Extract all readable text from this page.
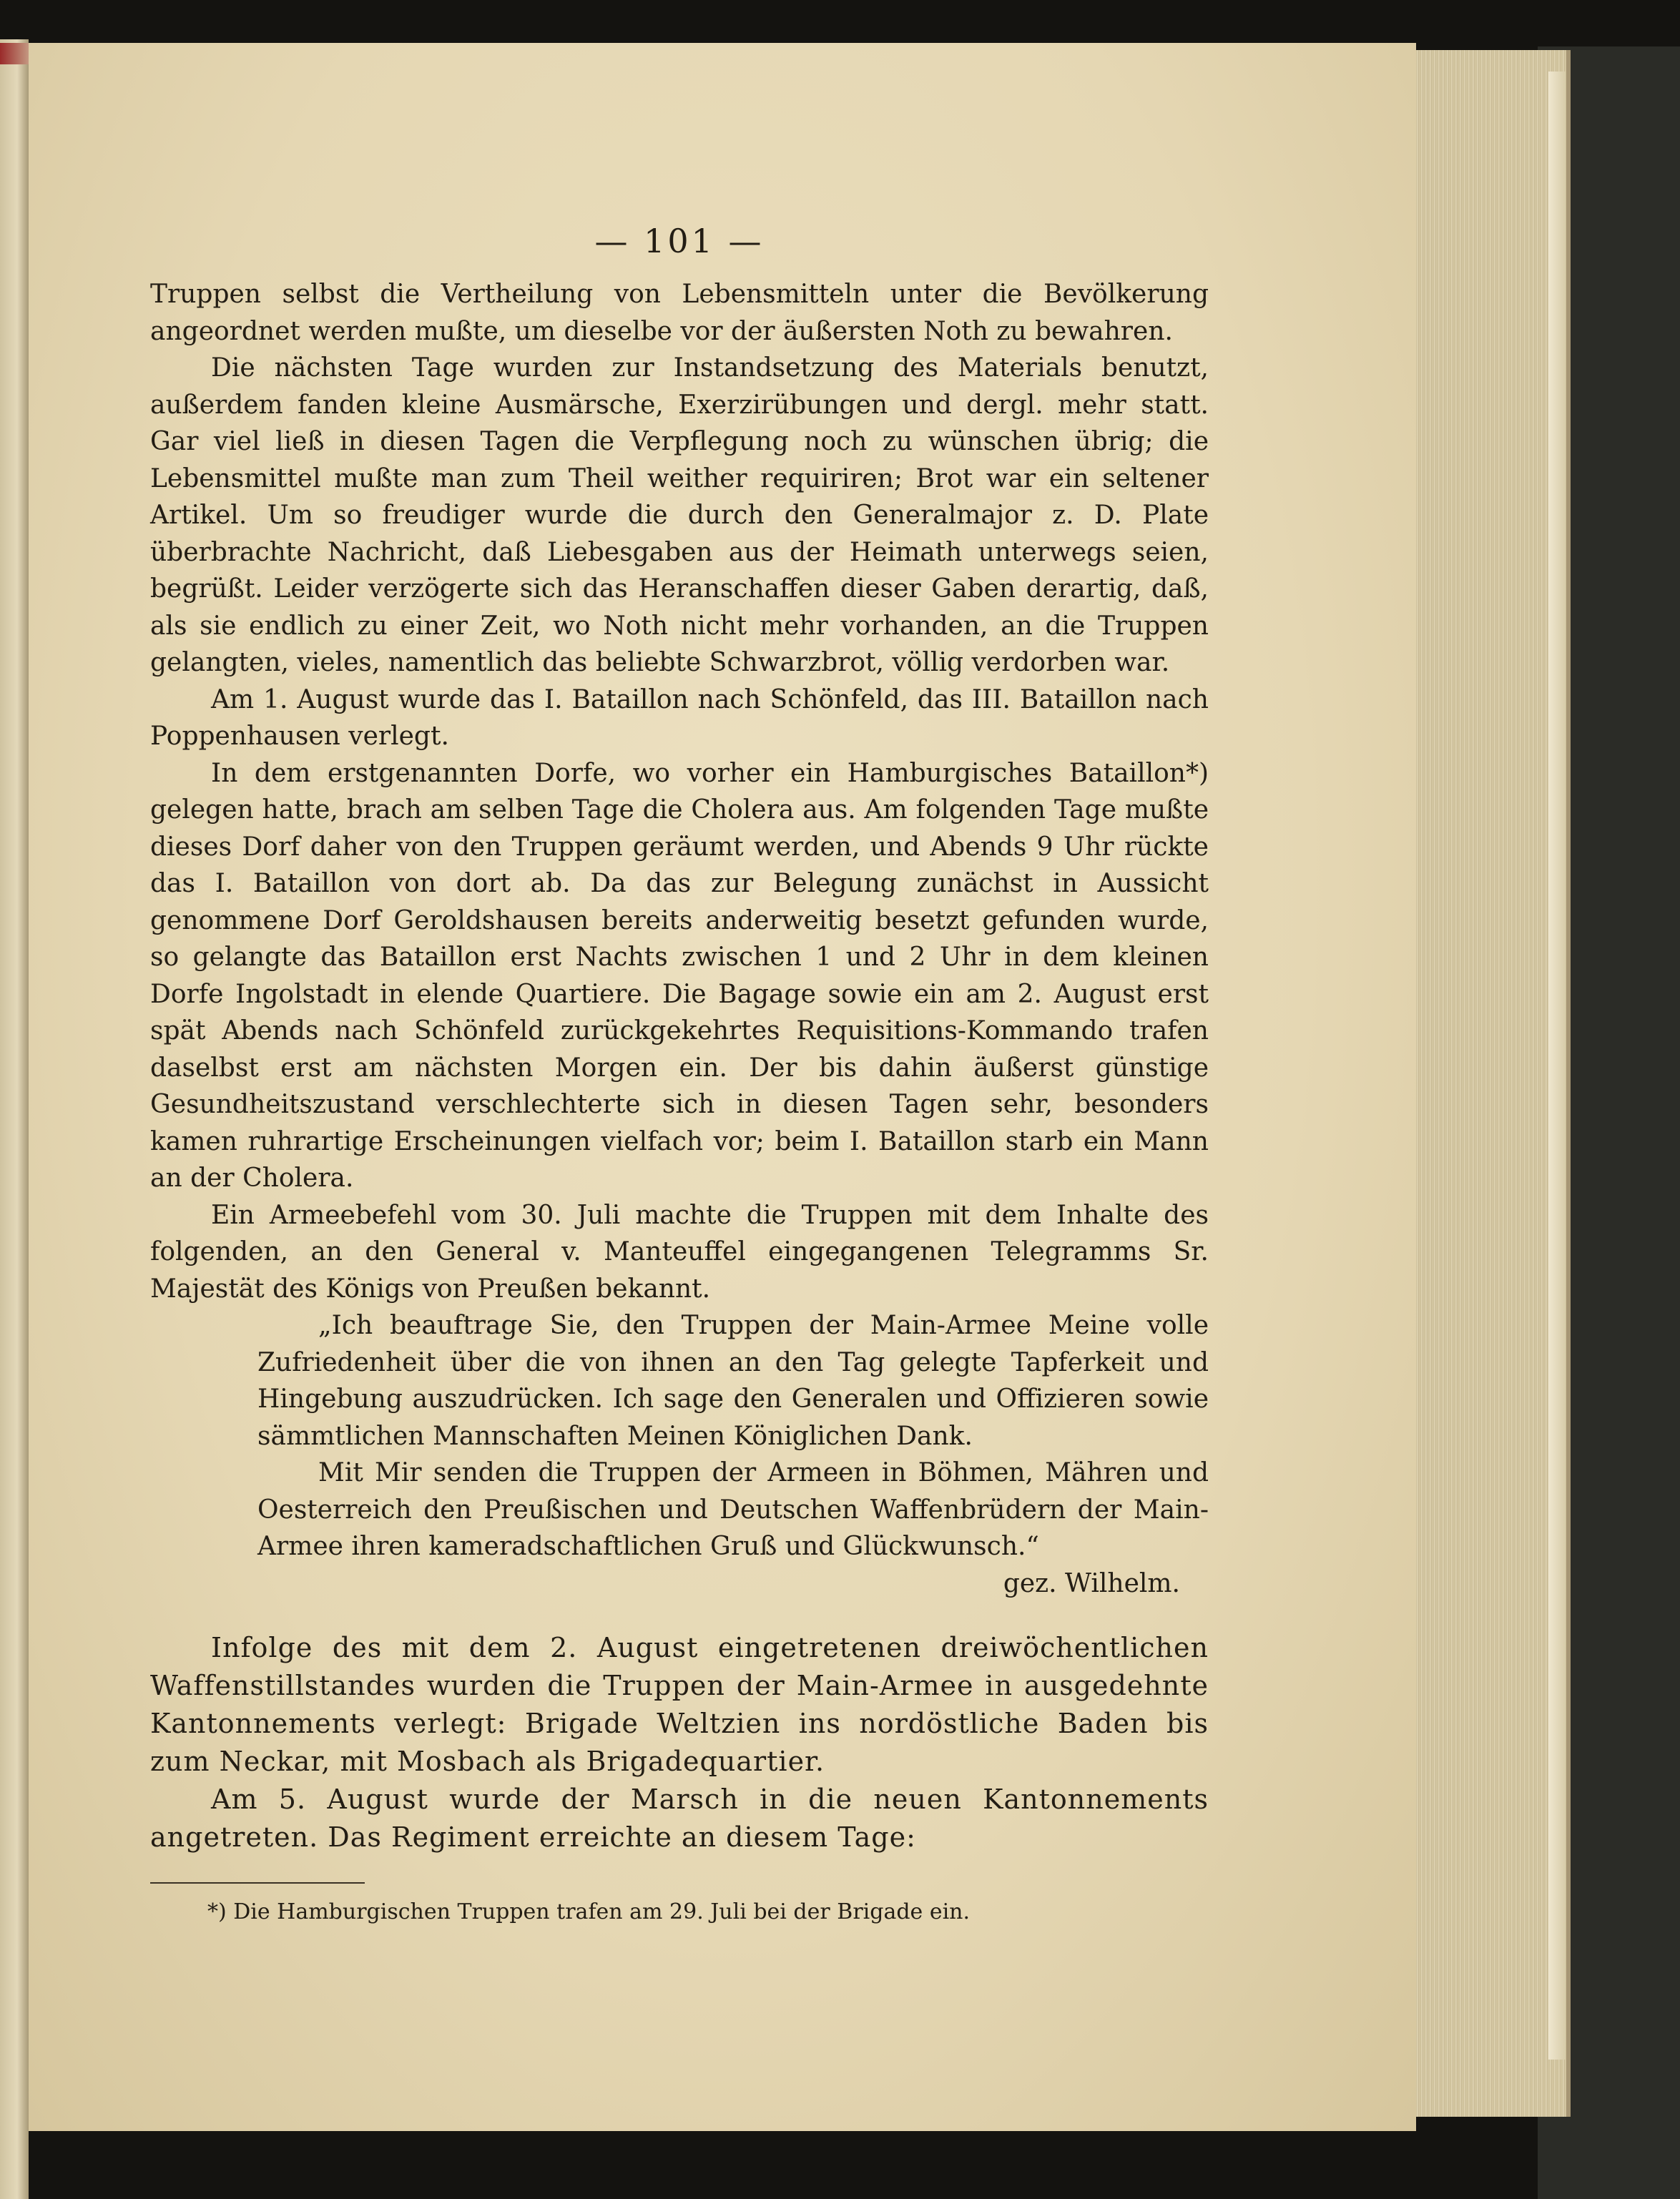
— 101 —

Truppen selbst die Vertheilung von Lebensmitteln unter die Bevölkerung angeordnet werden mußte, um dieselbe vor der äußersten Noth zu bewahren.

Die nächsten Tage wurden zur Instandsetzung des Materials benutzt, außerdem fanden kleine Ausmärsche, Exerzirübungen und dergl. mehr statt. Gar viel ließ in diesen Tagen die Verpflegung noch zu wünschen übrig; die Lebensmittel mußte man zum Theil weither requiriren; Brot war ein seltener Artikel. Um so freudiger wurde die durch den Generalmajor z. D. Plate überbrachte Nachricht, daß Liebesgaben aus der Heimath unterwegs seien, begrüßt. Leider verzögerte sich das Heranschaffen dieser Gaben derartig, daß, als sie endlich zu einer Zeit, wo Noth nicht mehr vorhanden, an die Truppen gelangten, vieles, namentlich das beliebte Schwarzbrot, völlig verdorben war.

Am 1. August wurde das I. Bataillon nach Schönfeld, das III. Bataillon nach Poppenhausen verlegt.

In dem erstgenannten Dorfe, wo vorher ein Hamburgisches Bataillon*) gelegen hatte, brach am selben Tage die Cholera aus. Am folgenden Tage mußte dieses Dorf daher von den Truppen geräumt werden, und Abends 9 Uhr rückte das I. Bataillon von dort ab. Da das zur Belegung zunächst in Aussicht genommene Dorf Geroldshausen bereits anderweitig besetzt gefunden wurde, so gelangte das Bataillon erst Nachts zwischen 1 und 2 Uhr in dem kleinen Dorfe Ingolstadt in elende Quartiere. Die Bagage sowie ein am 2. August erst spät Abends nach Schönfeld zurückgekehrtes Requisitions-Kommando trafen daselbst erst am nächsten Morgen ein. Der bis dahin äußerst günstige Gesundheitszustand verschlechterte sich in diesen Tagen sehr, besonders kamen ruhrartige Erscheinungen vielfach vor; beim I. Bataillon starb ein Mann an der Cholera.

Ein Armeebefehl vom 30. Juli machte die Truppen mit dem Inhalte des folgenden, an den General v. Manteuffel eingegangenen Telegramms Sr. Majestät des Königs von Preußen bekannt.

„Ich beauftrage Sie, den Truppen der Main-Armee Meine volle Zufriedenheit über die von ihnen an den Tag gelegte Tapferkeit und Hingebung auszudrücken. Ich sage den Generalen und Offizieren sowie sämmtlichen Mannschaften Meinen Königlichen Dank.

Mit Mir senden die Truppen der Armeen in Böhmen, Mähren und Oesterreich den Preußischen und Deutschen Waffenbrüdern der Main-Armee ihren kameradschaftlichen Gruß und Glückwunsch.“

gez. Wilhelm.

Infolge des mit dem 2. August eingetretenen dreiwöchentlichen Waffenstillstandes wurden die Truppen der Main-Armee in ausgedehnte Kantonnements verlegt: Brigade Weltzien ins nordöstliche Baden bis zum Neckar, mit Mosbach als Brigadequartier.

Am 5. August wurde der Marsch in die neuen Kantonnements angetreten. Das Regiment erreichte an diesem Tage:

*) Die Hamburgischen Truppen trafen am 29. Juli bei der Brigade ein.
